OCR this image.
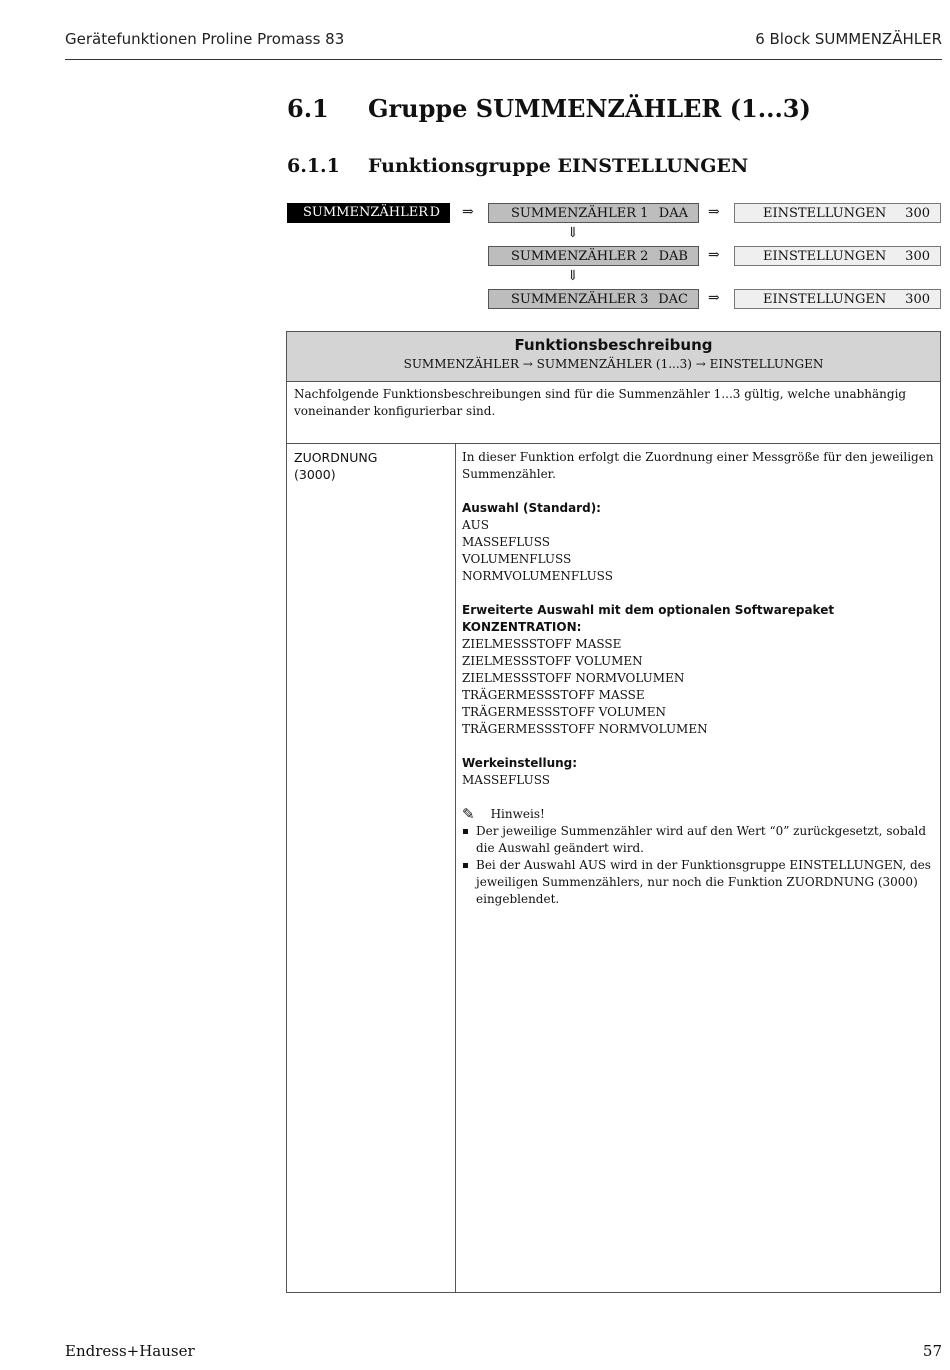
Gerätefunktionen Proline Promass 83	6 Block SUMMENZÄHLER
6.1 Gruppe SUMMENZÄHLER (1...3)
6.1.1 Funktionsgruppe EINSTELLUNGEN
SUMMENZÄHLER D ⇒	SUMMENZÄHLER 1 DAA ⇒	EINSTELLUNGEN 300
⇓
SUMMENZÄHLER 2 DAB ⇒	EINSTELLUNGEN 300
⇓
SUMMENZÄHLER 3 DAC ⇒	EINSTELLUNGEN 300
Funktionsbeschreibung
SUMMENZÄHLER → SUMMENZÄHLER (1...3) → EINSTELLUNGEN
Nachfolgende Funktionsbeschreibungen sind für die Summenzähler 1...3 gültig, welche unabhängig voneinander konfigurierbar sind.
ZUORDNUNG
(3000)

In dieser Funktion erfolgt die Zuordnung einer Messgröße für den jeweiligen Summenzähler.

Auswahl (Standard):

AUS

MASSEFLUSS

VOLUMENFLUSS

NORMVOLUMENFLUSS

Erweiterte Auswahl mit dem optionalen Softwarepaket KONZENTRATION:

ZIELMESSSTOFF MASSE

ZIELMESSSTOFF VOLUMEN

ZIELMESSSTOFF NORMVOLUMEN

TRÄGERMESSSTOFF MASSE

TRÄGERMESSSTOFF VOLUMEN

TRÄGERMESSSTOFF NORMVOLUMEN

Werkeinstellung:

MASSEFLUSS

✎ Hinweis!
Der jeweilige Summenzähler wird auf den Wert “0” zurückgesetzt, sobald die Auswahl geändert wird.
Bei der Auswahl AUS wird in der Funktionsgruppe EINSTELLUNGEN, des jeweiligen Summenzählers, nur noch die Funktion ZUORDNUNG (3000) eingeblendet.
Endress+Hauser	57
